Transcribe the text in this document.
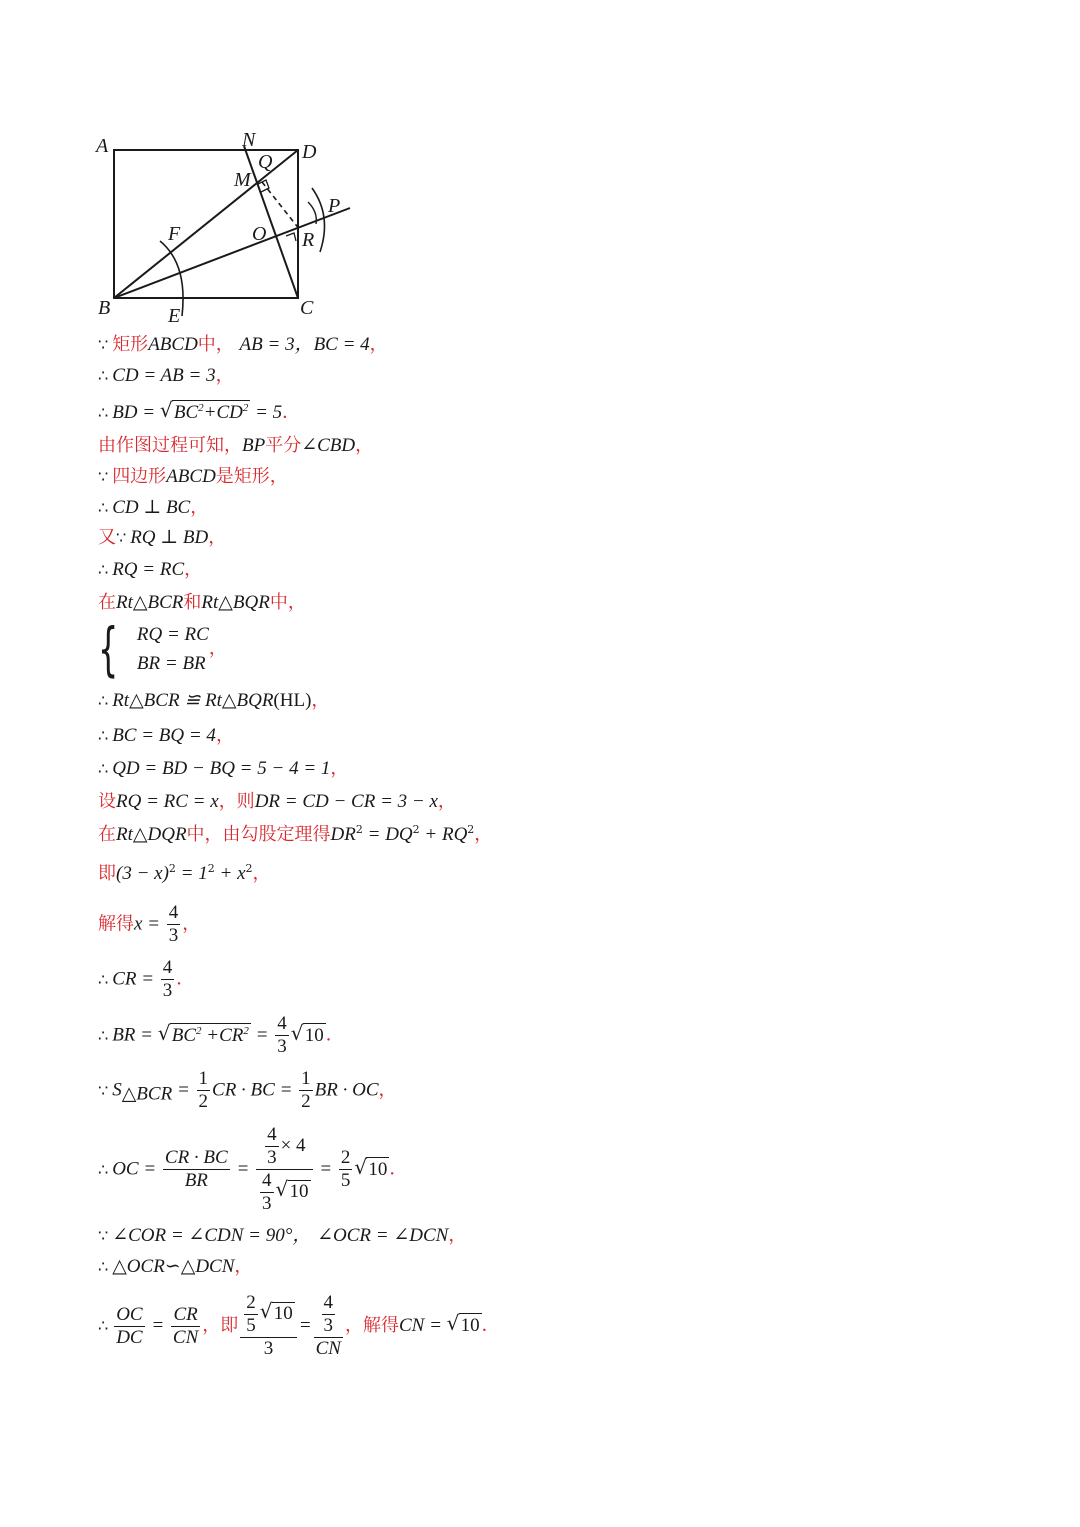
A	N
D
Q
M
P
F	O R
B	C
E
∵ 矩形ABCD中， AB = 3，BC = 4，
∴ CD = AB = 3，
∴ BD = √ $BC^2+CD^2 = 5$．
由作图过程可知，BP平分∠CBD，
∵ 四边形ABCD是矩形，
∴ CD ⊥ BC，
又∵ RQ ⊥ BD，
∴ RQ = RC，
在Rt△BCR和Rt△BQR中，
{ RQ = RC
BR = BR
，
∴ Rt△BCR ≌ Rt△BQR(HL)，
∴ BC = BQ = 4，
∴ QD = BD − BQ = 5 − 4 = 1，
设RQ = RC = x，则DR = CD − CR = 3 − x，
在Rt△DQR中，由勾股定理得$DR^2 = DQ^2 + RQ^2$，
即$(3 - x)^2 = 1^2 + x^2$，
解得$x = \frac{4}{3}$ ，
∴ CR = $\frac{4}{3}$ ．
∴ BR = √ $BC^2 +CR^2 = \frac{4}{3}$ √ 10 ．
∵ $S_{\triangle BCR} = \frac{1}{2}$ CR · BC = $\frac{1}{2}$ BR · OC，
∴ OC = $\frac{CR \cdot BC}{BR} = \frac{\frac{4}{3} \times 4}{\frac{4}{3} √ 10} = \frac{2}{5}$ √ 10 ．
∵ ∠COR = ∠CDN = 90°， ∠OCR = ∠DCN，
∴ △OCR∽△DCN，
∴ $\frac{OC}{DC} = \frac{CR}{CN}$ ，即 $\frac{\frac{2}{5} √ 10}{3} = \frac{\frac{4}{3}}{CN}$ ，解得CN = √ 10 ．
